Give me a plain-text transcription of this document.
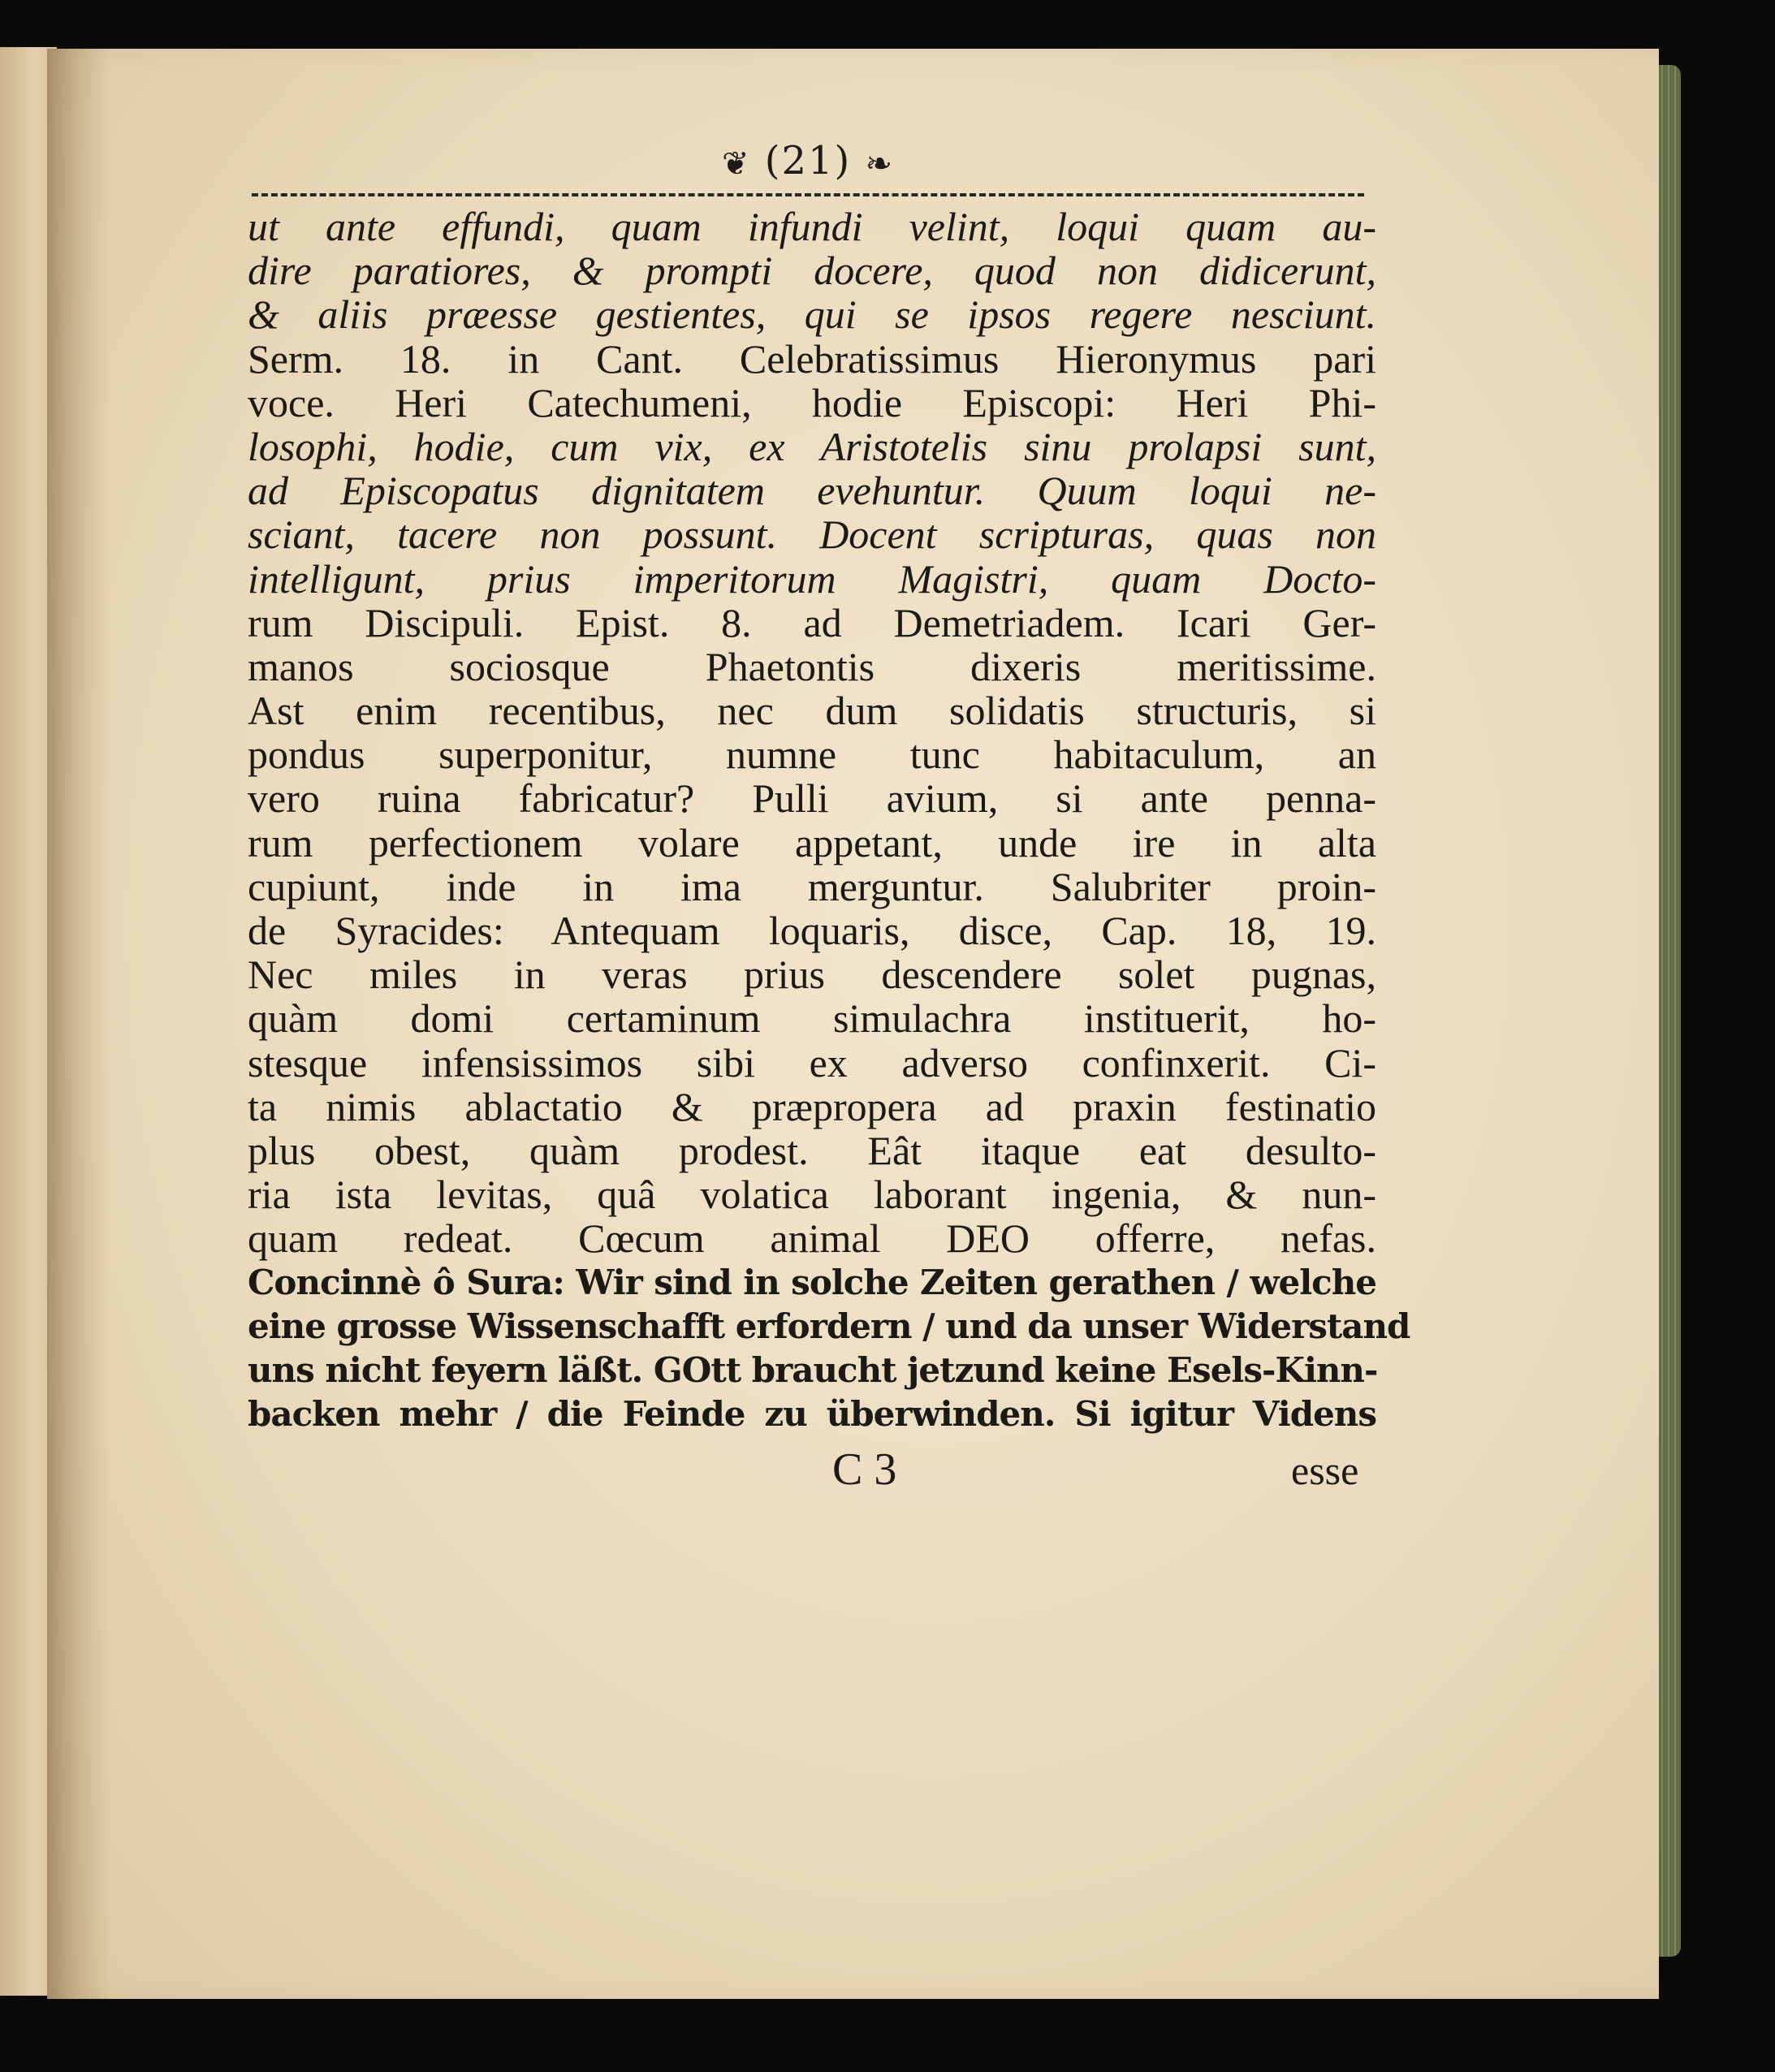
❦ (21) ❧
ut ante effundi, quam infundi velint, loqui quam au-
dire paratiores, & prompti docere, quod non didicerunt,
& aliis præesse gestientes, qui se ipsos regere nesciunt.
Serm. 18. in Cant. Celebratissimus Hieronymus pari
voce. Heri Catechumeni, hodie Episcopi: Heri Phi-
losophi, hodie, cum vix, ex Aristotelis sinu prolapsi sunt,
ad Episcopatus dignitatem evehuntur. Quum loqui ne-
sciant, tacere non possunt. Docent scripturas, quas non
intelligunt, prius imperitorum Magistri, quam Docto-
rum Discipuli. Epist. 8. ad Demetriadem. Icari Ger-
manos sociosque Phaetontis dixeris meritissime.
Ast enim recentibus, nec dum solidatis structuris, si
pondus superponitur, numne tunc habitaculum, an
vero ruina fabricatur? Pulli avium, si ante penna-
rum perfectionem volare appetant, unde ire in alta
cupiunt, inde in ima merguntur. Salubriter proin-
de Syracides: Antequam loquaris, disce, Cap. 18, 19.
Nec miles in veras prius descendere solet pugnas,
quàm domi certaminum simulachra instituerit, ho-
stesque infensissimos sibi ex adverso confinxerit. Ci-
ta nimis ablactatio & præpropera ad praxin festinatio
plus obest, quàm prodest. Eât itaque eat desulto-
ria ista levitas, quâ volatica laborant ingenia, & nun-
quam redeat. Cœcum animal DEO offerre, nefas.
Concinnè ô Sura: Wir sind in solche Zeiten gerathen / welche
eine grosse Wissenschafft erfordern / und da unser Widerstand
uns nicht feyern läßt. GOtt braucht jetzund keine Esels-Kinn-
backen mehr / die Feinde zu überwinden. Si igitur Videns
C 3	esse
